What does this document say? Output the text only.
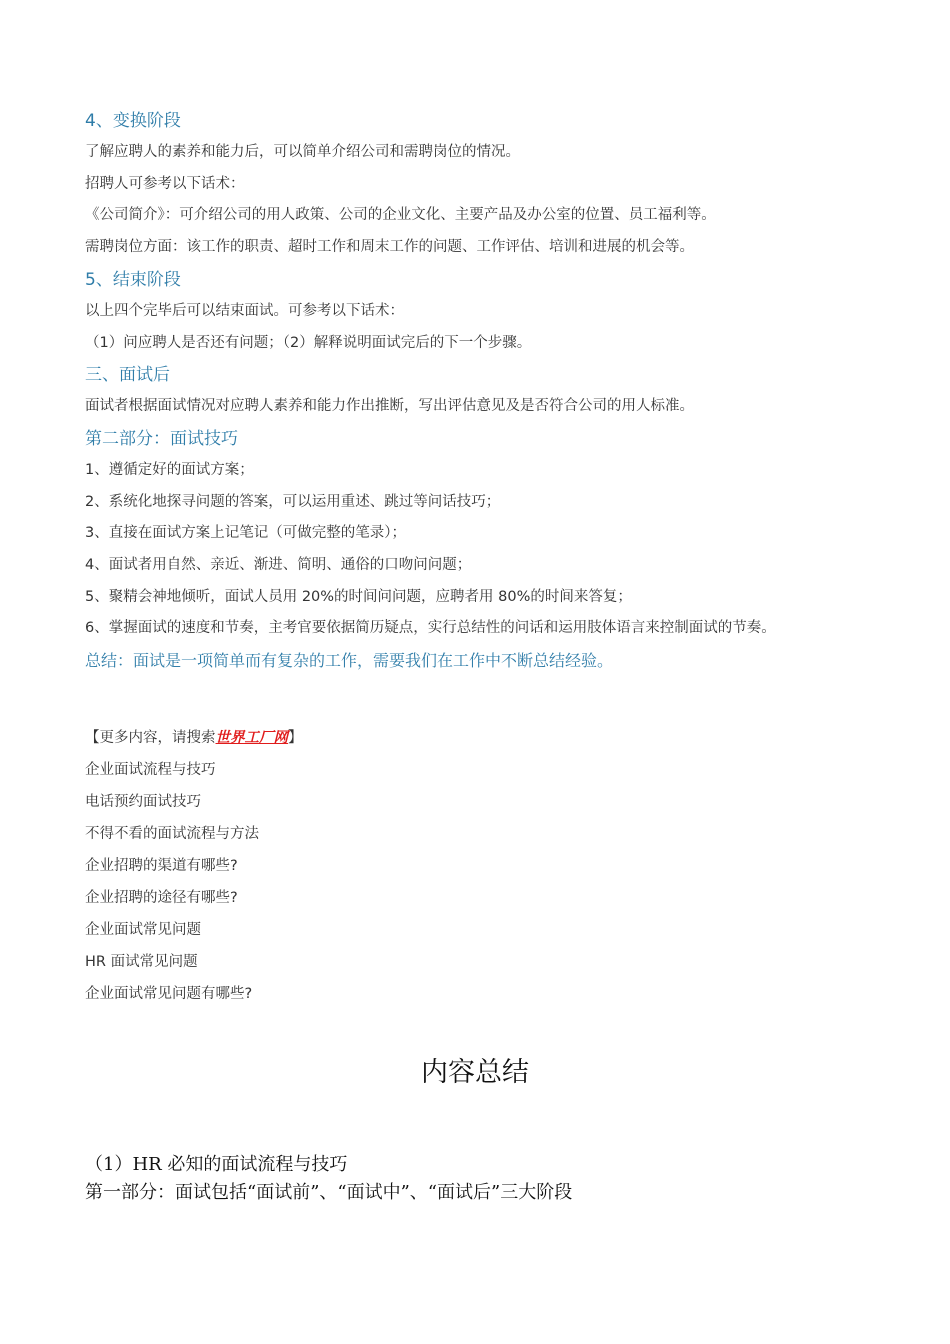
4、变换阶段
了解应聘人的素养和能力后，可以简单介绍公司和需聘岗位的情况。
招聘人可参考以下话术：
《公司简介》：可介绍公司的用人政策、公司的企业文化、主要产品及办公室的位置、员工福利等。
需聘岗位方面：该工作的职责、超时工作和周末工作的问题、工作评估、培训和进展的机会等。
5、结束阶段
以上四个完毕后可以结束面试。可参考以下话术：
（1）问应聘人是否还有问题；（2）解释说明面试完后的下一个步骤。
三、面试后
面试者根据面试情况对应聘人素养和能力作出推断，写出评估意见及是否符合公司的用人标准。
第二部分：面试技巧
1、遵循定好的面试方案；
2、系统化地探寻问题的答案，可以运用重述、跳过等问话技巧；
3、直接在面试方案上记笔记（可做完整的笔录）；
4、面试者用自然、亲近、渐进、简明、通俗的口吻问问题；
5、聚精会神地倾听，面试人员用 20%的时间问问题，应聘者用 80%的时间来答复；
6、掌握面试的速度和节奏，主考官要依据简历疑点，实行总结性的问话和运用肢体语言来控制面试的节奏。
总结：面试是一项简单而有复杂的工作，需要我们在工作中不断总结经验。
【更多内容，请搜索世界工厂网】
企业面试流程与技巧
电话预约面试技巧
不得不看的面试流程与方法
企业招聘的渠道有哪些?
企业招聘的途径有哪些?
企业面试常见问题
HR 面试常见问题
企业面试常见问题有哪些?
内容总结
（1）HR 必知的面试流程与技巧
第一部分：面试包括“面试前”、“面试中”、“面试后”三大阶段
